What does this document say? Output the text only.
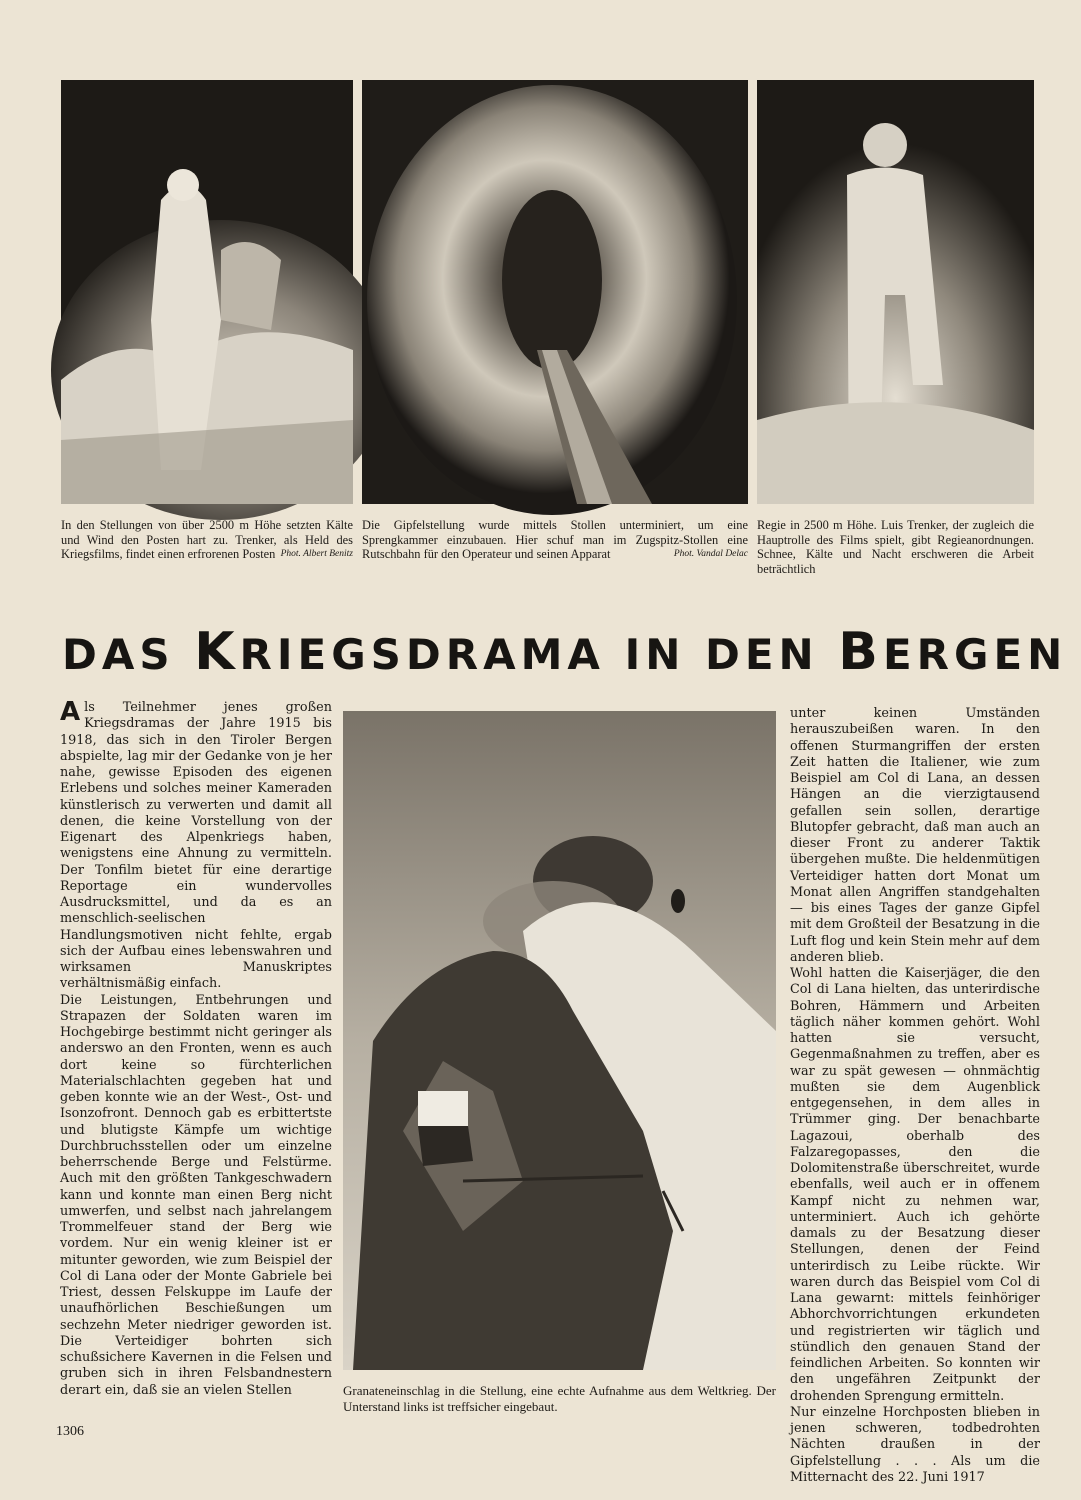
Phot. Albert Benitz
In den Stellungen von über 2500 m Höhe setzten Kälte und Wind den Posten hart zu. Trenker, als Held des Kriegsfilms, findet einen erfrorenen Posten	Phot. Vandal Delac
Die Gipfelstellung wurde mittels Stollen unterminiert, um eine Sprengkammer einzubauen. Hier schuf man im Zugspitz-Stollen eine Rutschbahn für den Operateur und seinen Apparat
Regie in 2500 m Höhe. Luis Trenker, der zugleich die Hauptrolle des Films spielt, gibt Regieanordnungen. Schnee, Kälte und Nacht erschweren die Arbeit beträchtlich
DAS KRIEGSDRAMA IN DEN BERGEN

Als Teilnehmer jenes großen Kriegsdramas der Jahre 1915 bis 1918, das sich in den Tiroler Bergen abspielte, lag mir der Gedanke von je her nahe, gewisse Episoden des eigenen Erlebens und solches meiner Kameraden künstlerisch zu verwerten und damit all denen, die keine Vorstellung von der Eigenart des Alpenkriegs haben, wenigstens eine Ahnung zu vermitteln. Der Tonfilm bietet für eine derartige Reportage ein wundervolles Ausdrucksmittel, und da es an menschlich-seelischen Handlungsmotiven nicht fehlte, ergab sich der Aufbau eines lebenswahren und wirksamen Manuskriptes verhältnismäßig einfach.

Die Leistungen, Entbehrungen und Strapazen der Soldaten waren im Hochgebirge bestimmt nicht geringer als anderswo an den Fronten, wenn es auch dort keine so fürchterlichen Materialschlachten gegeben hat und geben konnte wie an der West-, Ost- und Isonzofront. Dennoch gab es erbittertste und blutigste Kämpfe um wichtige Durchbruchsstellen oder um einzelne beherrschende Berge und Felstürme. Auch mit den größten Tankgeschwadern kann und konnte man einen Berg nicht umwerfen, und selbst nach jahrelangem Trommelfeuer stand der Berg wie vordem. Nur ein wenig kleiner ist er mitunter geworden, wie zum Beispiel der Col di Lana oder der Monte Gabriele bei Triest, dessen Felskuppe im Laufe der unaufhörlichen Beschießungen um sechzehn Meter niedriger geworden ist. Die Verteidiger bohrten sich schußsichere Kavernen in die Felsen und gruben sich in ihren Felsbandnestern derart ein, daß sie an vielen Stellen	Granateneinschlag in die Stellung, eine echte Aufnahme aus dem Weltkrieg. Der Unterstand links ist treffsicher eingebaut.

unter keinen Umständen herauszubeißen waren. In den offenen Sturmangriffen der ersten Zeit hatten die Italiener, wie zum Beispiel am Col di Lana, an dessen Hängen an die vierzigtausend gefallen sein sollen, derartige Blutopfer gebracht, daß man auch an dieser Front zu anderer Taktik übergehen mußte. Die heldenmütigen Verteidiger hatten dort Monat um Monat allen Angriffen standgehalten — bis eines Tages der ganze Gipfel mit dem Großteil der Besatzung in die Luft flog und kein Stein mehr auf dem anderen blieb.

Wohl hatten die Kaiserjäger, die den Col di Lana hielten, das unterirdische Bohren, Hämmern und Arbeiten täglich näher kommen gehört. Wohl hatten sie versucht, Gegenmaßnahmen zu treffen, aber es war zu spät gewesen — ohnmächtig mußten sie dem Augenblick entgegensehen, in dem alles in Trümmer ging. Der benachbarte Lagazoui, oberhalb des Falzaregopasses, den die Dolomitenstraße überschreitet, wurde ebenfalls, weil auch er in offenem Kampf nicht zu nehmen war, unterminiert. Auch ich gehörte damals zu der Besatzung dieser Stellungen, denen der Feind unterirdisch zu Leibe rückte. Wir waren durch das Beispiel vom Col di Lana gewarnt: mittels feinhöriger Abhorchvorrichtungen erkundeten und registrierten wir täglich und stündlich den genauen Stand der feindlichen Arbeiten. So konnten wir den ungefähren Zeitpunkt der drohenden Sprengung ermitteln.

Nur einzelne Horchposten blieben in jenen schweren, todbedrohten Nächten draußen in der Gipfelstellung . . . Als um die Mitternacht des 22. Juni 1917

1306
